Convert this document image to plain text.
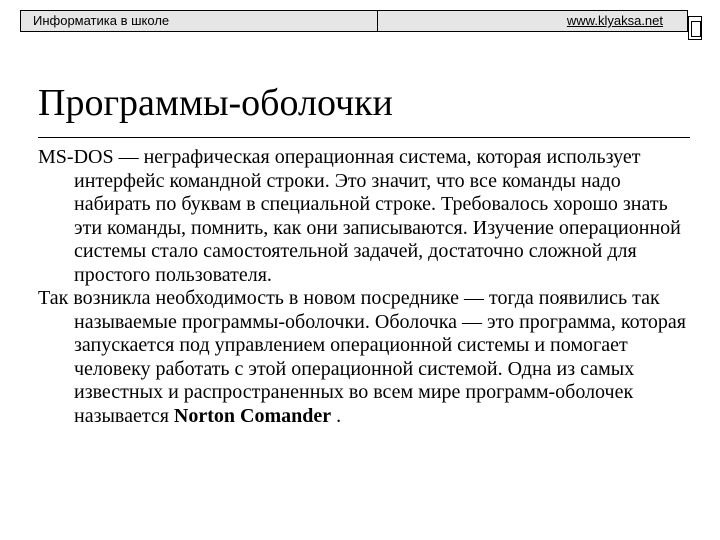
Информатика в школе	www.klyaksa.net
Программы-оболочки

MS-DOS — неграфическая операционная система, которая использует интерфейс командной строки. Это значит, что все команды надо набирать по буквам в специальной строке. Требовалось хорошо знать эти команды, помнить, как они записываются. Изучение операционной системы стало самостоятельной задачей, достаточно сложной для простого пользователя.

Так возникла необходимость в новом посреднике — тогда появились так называемые программы-оболочки. Оболочка — это программа, которая запускается под управлением операционной системы и помогает человеку работать с этой операционной системой. Одна из самых известных и распространенных во всем мире программ-оболочек называется Norton Comander .
